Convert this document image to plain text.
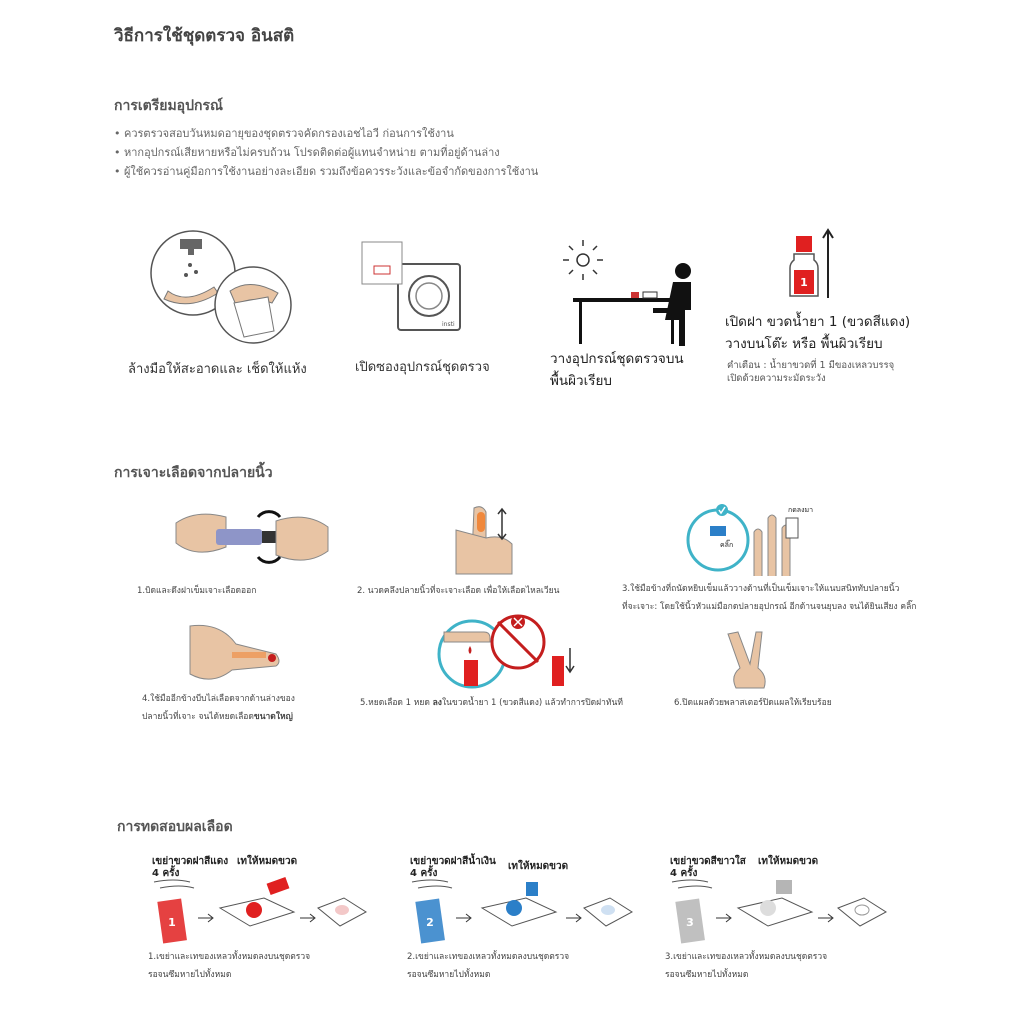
วิธีการใช้ชุดตรวจ อินสติ
การเตรียมอุปกรณ์
• ควรตรวจสอบวันหมดอายุของชุดตรวจคัดกรองเอชไอวี ก่อนการใช้งาน
• หากอุปกรณ์เสียหายหรือไม่ครบถ้วน โปรดติดต่อผู้แทนจำหน่าย ตามที่อยู่ด้านล่าง
• ผู้ใช้ควรอ่านคู่มือการใช้งานอย่างละเอียด รวมถึงข้อควรระวังและข้อจำกัดของการใช้งาน
ล้างมือให้สะอาดและ เช็ดให้แห้ง
insti
เปิดซองอุปกรณ์ชุดตรวจ
วางอุปกรณ์ชุดตรวจบน
พื้นผิวเรียบ
1
เปิดฝา ขวดน้ำยา 1 (ขวดสีแดง)
วางบนโต๊ะ หรือ พื้นผิวเรียบ
คำเตือน : น้ำยาขวดที่ 1 มีของเหลวบรรจุ
เปิดด้วยความระมัดระวัง
การเจาะเลือดจากปลายนิ้ว
1.บิดและดึงฝาเข็มเจาะเลือดออก	2. นวดคลึงปลายนิ้วที่จะเจาะเลือด เพื่อให้เลือดไหลเวียน
คลิ๊ก
กดลงมา
3.ใช้มือข้างที่ถนัดหยิบเข็มแล้ววางด้านที่เป็นเข็มเจาะให้แนบสนิททับปลายนิ้ว
ที่จะเจาะ: โดยใช้นิ้วหัวแม่มือกดปลายอุปกรณ์ อีกด้านจนยุบลง จนได้ยินเสียง คลิ๊ก
4.ใช้มืออีกข้างบีบไล่เลือดจากด้านล่างของ
ปลายนิ้วที่เจาะ จนได้หยดเลือดขนาดใหญ่
5.หยดเลือด 1 หยด ลงในขวดน้ำยา 1 (ขวดสีแดง) แล้วทำการปิดฝาทันที	6.ปิดแผลด้วยพลาสเตอร์ปิดแผลให้เรียบร้อย
การทดสอบผลเลือด
เขย่าขวดฝาสีแดง เทให้หมดขวด
4 ครั้ง
1
1.เขย่าและเทของเหลวทั้งหมดลงบนชุดตรวจ
รอจนซึมหายไปทั้งหมด
เขย่าขวดฝาสีน้ำเงิน เทให้หมดขวด
4 ครั้ง
2
2.เขย่าและเทของเหลวทั้งหมดลงบนชุดตรวจ
รอจนซึมหายไปทั้งหมด
เขย่าขวดสีขาวใส เทให้หมดขวด
4 ครั้ง
3
3.เขย่าและเทของเหลวทั้งหมดลงบนชุดตรวจ
รอจนซึมหายไปทั้งหมด
